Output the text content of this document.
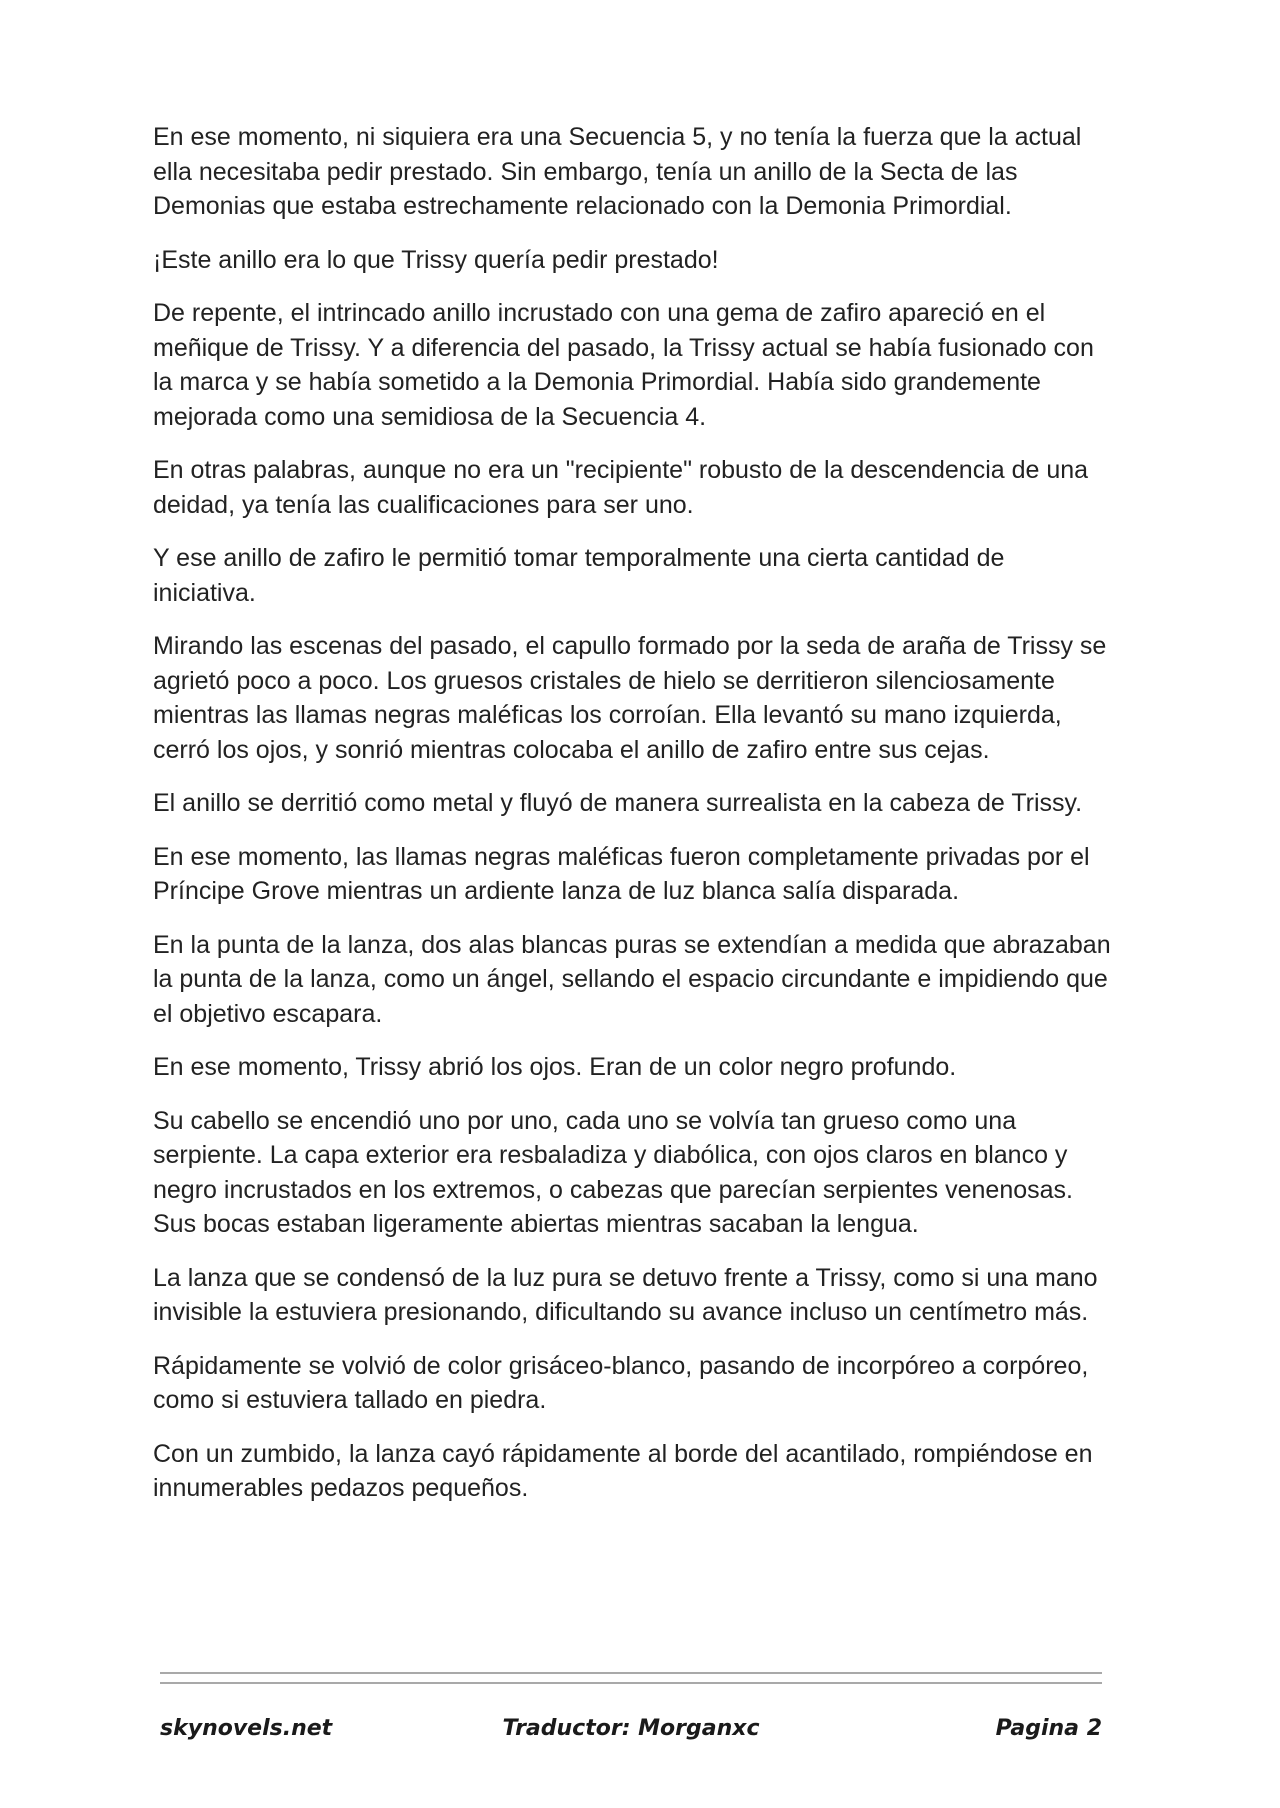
En ese momento, ni siquiera era una Secuencia 5, y no tenía la fuerza que la actual ella necesitaba pedir prestado. Sin embargo, tenía un anillo de la Secta de las Demonias que estaba estrechamente relacionado con la Demonia Primordial.

¡Este anillo era lo que Trissy quería pedir prestado!

De repente, el intrincado anillo incrustado con una gema de zafiro apareció en el meñique de Trissy. Y a diferencia del pasado, la Trissy actual se había fusionado con la marca y se había sometido a la Demonia Primordial. Había sido grandemente mejorada como una semidiosa de la Secuencia 4.

En otras palabras, aunque no era un "recipiente" robusto de la descendencia de una deidad, ya tenía las cualificaciones para ser uno.

Y ese anillo de zafiro le permitió tomar temporalmente una cierta cantidad de iniciativa.

Mirando las escenas del pasado, el capullo formado por la seda de araña de Trissy se agrietó poco a poco. Los gruesos cristales de hielo se derritieron silenciosamente mientras las llamas negras maléficas los corroían. Ella levantó su mano izquierda, cerró los ojos, y sonrió mientras colocaba el anillo de zafiro entre sus cejas.

El anillo se derritió como metal y fluyó de manera surrealista en la cabeza de Trissy.

En ese momento, las llamas negras maléficas fueron completamente privadas por el Príncipe Grove mientras un ardiente lanza de luz blanca salía disparada.

En la punta de la lanza, dos alas blancas puras se extendían a medida que abrazaban la punta de la lanza, como un ángel, sellando el espacio circundante e impidiendo que el objetivo escapara.

En ese momento, Trissy abrió los ojos. Eran de un color negro profundo.

Su cabello se encendió uno por uno, cada uno se volvía tan grueso como una serpiente. La capa exterior era resbaladiza y diabólica, con ojos claros en blanco y negro incrustados en los extremos, o cabezas que parecían serpientes venenosas. Sus bocas estaban ligeramente abiertas mientras sacaban la lengua.

La lanza que se condensó de la luz pura se detuvo frente a Trissy, como si una mano invisible la estuviera presionando, dificultando su avance incluso un centímetro más.

Rápidamente se volvió de color grisáceo-blanco, pasando de incorpóreo a corpóreo, como si estuviera tallado en piedra.

Con un zumbido, la lanza cayó rápidamente al borde del acantilado, rompiéndose en innumerables pedazos pequeños.

skynovels.net	Traductor: Morganxc	Pagina 2
